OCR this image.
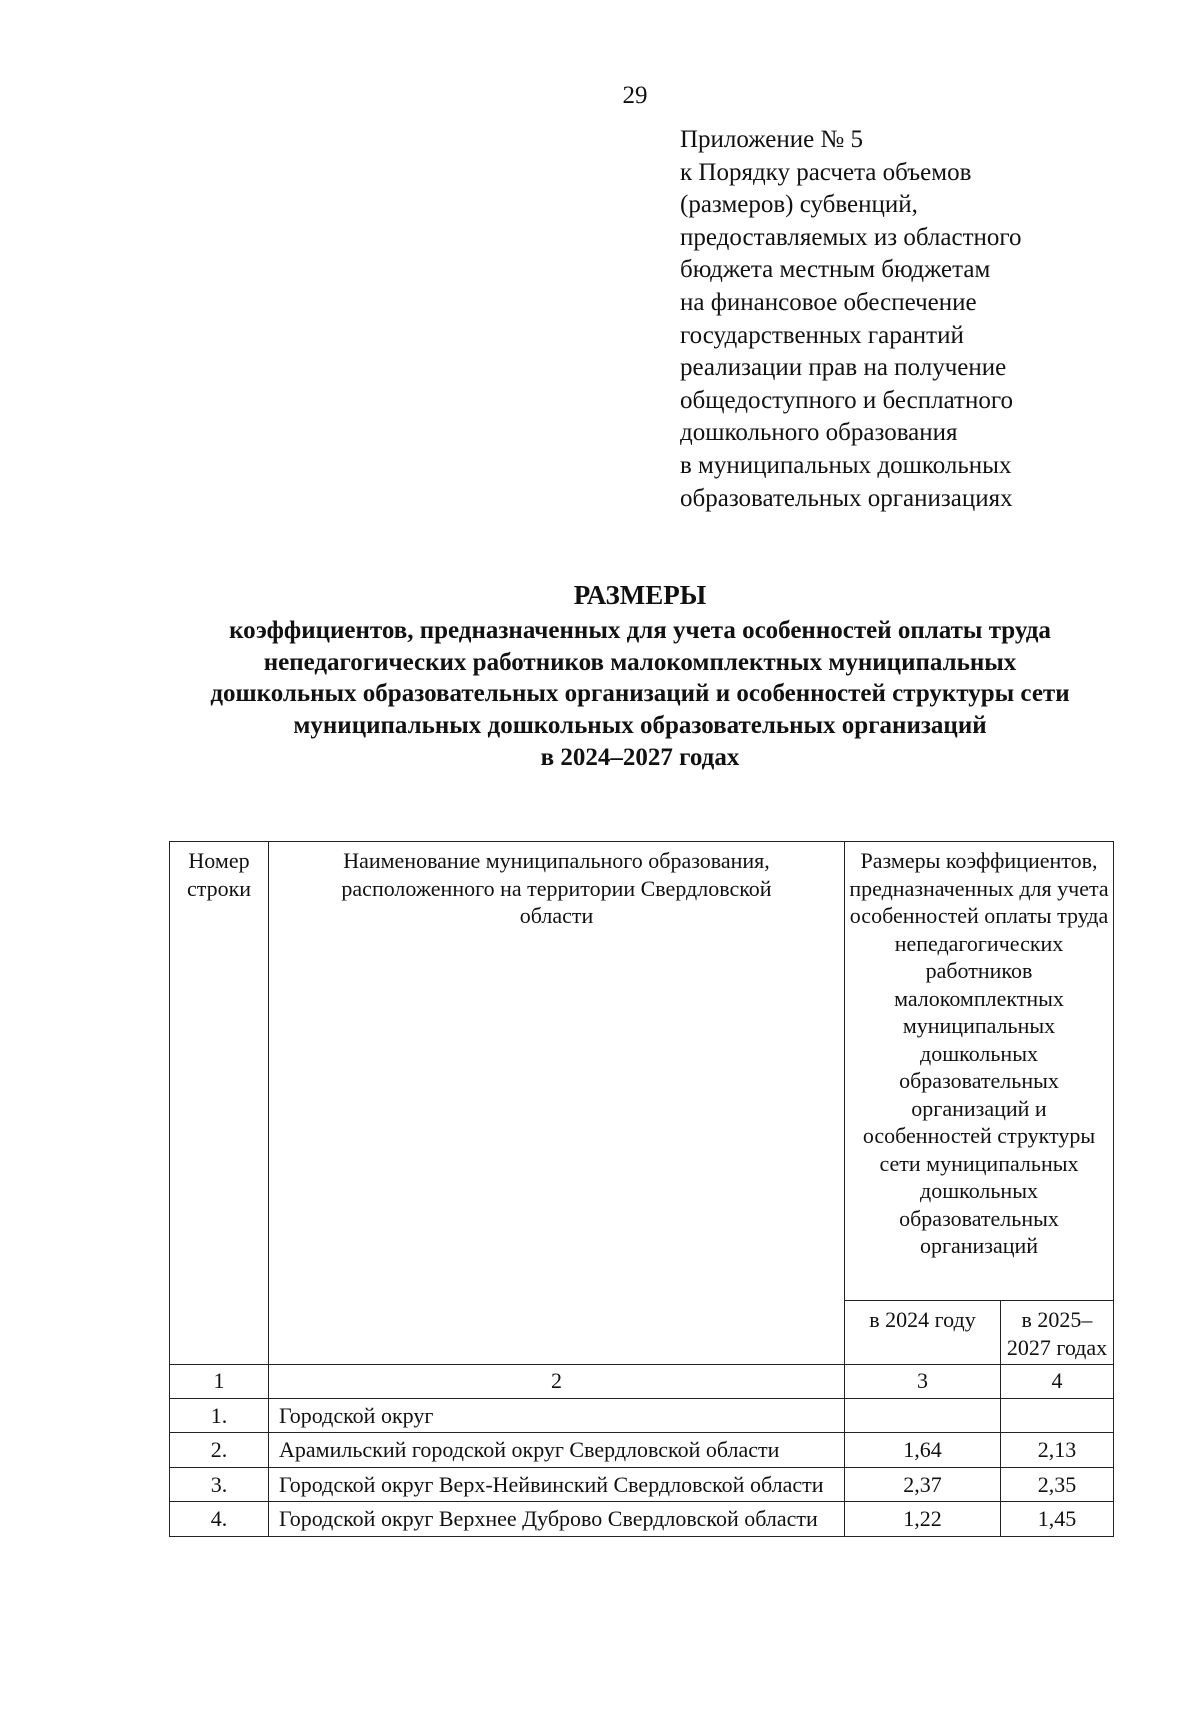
29
Приложение № 5
к Порядку расчета объемов
(размеров) субвенций,
предоставляемых из областного
бюджета местным бюджетам
на финансовое обеспечение
государственных гарантий
реализации прав на получение
общедоступного и бесплатного
дошкольного образования
в муниципальных дошкольных
образовательных организациях
РАЗМЕРЫ
коэффициентов, предназначенных для учета особенностей оплаты труда
непедагогических работников малокомплектных муниципальных
дошкольных образовательных организаций и особенностей структуры сети
муниципальных дошкольных образовательных организаций
в 2024–2027 годах
Номер строки	Наименование муниципального образования, расположенного на территории Свердловской области	Размеры коэффициентов, предназначенных для учета особенностей оплаты труда непедагогических работников малокомплектных муниципальных дошкольных образовательных организаций и особенностей структуры сети муниципальных дошкольных образовательных организаций	
		в 2024 году	в 2025–2027 годах
1	2	3	4
1.	Городской округ		
2.	Арамильский городской округ Свердловской области	1,64	2,13
3.	Городской округ Верх-Нейвинский Свердловской области	2,37	2,35
4.	Городской округ Верхнее Дуброво Свердловской области	1,22	1,45
